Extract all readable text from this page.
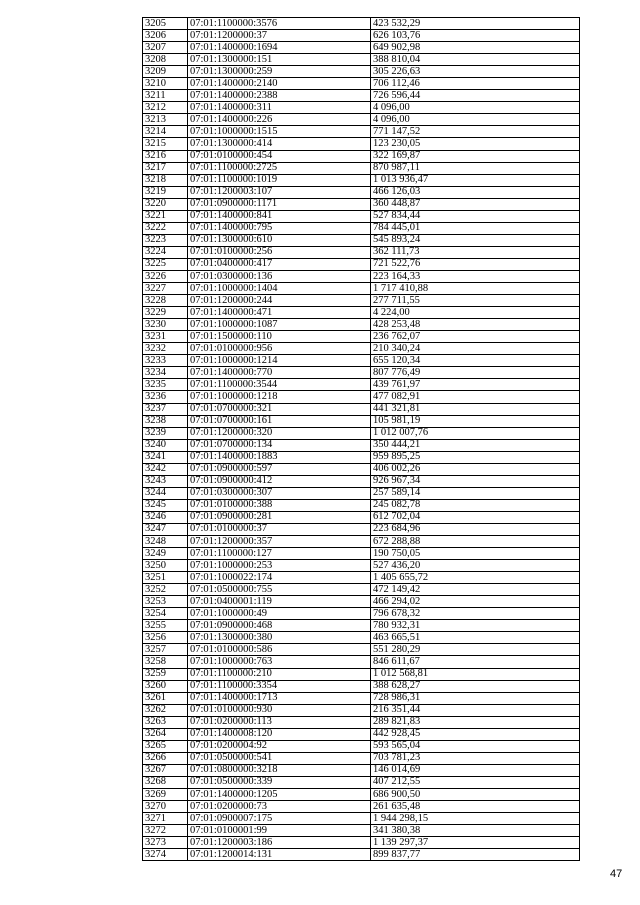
3205	07:01:1100000:3576	423 532,29
3206	07:01:1200000:37	626 103,76
3207	07:01:1400000:1694	649 902,98
3208	07:01:1300000:151	388 810,04
3209	07:01:1300000:259	305 226,63
3210	07:01:1400000:2140	706 112,46
3211	07:01:1400000:2388	726 596,44
3212	07:01:1400000:311	4 096,00
3213	07:01:1400000:226	4 096,00
3214	07:01:1000000:1515	771 147,52
3215	07:01:1300000:414	123 230,05
3216	07:01:0100000:454	322 169,87
3217	07:01:1100000:2725	870 987,11
3218	07:01:1100000:1019	1 013 936,47
3219	07:01:1200003:107	466 126,03
3220	07:01:0900000:1171	360 448,87
3221	07:01:1400000:841	527 834,44
3222	07:01:1400000:795	784 445,01
3223	07:01:1300000:610	545 893,24
3224	07:01:0100000:256	362 111,73
3225	07:01:0400000:417	721 522,76
3226	07:01:0300000:136	223 164,33
3227	07:01:1000000:1404	1 717 410,88
3228	07:01:1200000:244	277 711,55
3229	07:01:1400000:471	4 224,00
3230	07:01:1000000:1087	428 253,48
3231	07:01:1500000:110	236 762,07
3232	07:01:0100000:956	210 340,24
3233	07:01:1000000:1214	655 120,34
3234	07:01:1400000:770	807 776,49
3235	07:01:1100000:3544	439 761,97
3236	07:01:1000000:1218	477 082,91
3237	07:01:0700000:321	441 321,81
3238	07:01:0700000:161	105 981,19
3239	07:01:1200000:320	1 012 007,76
3240	07:01:0700000:134	350 444,21
3241	07:01:1400000:1883	959 895,25
3242	07:01:0900000:597	406 002,26
3243	07:01:0900000:412	926 967,34
3244	07:01:0300000:307	257 589,14
3245	07:01:0100000:388	245 082,78
3246	07:01:0900000:281	612 702,04
3247	07:01:0100000:37	223 684,96
3248	07:01:1200000:357	672 288,88
3249	07:01:1100000:127	190 750,05
3250	07:01:1000000:253	527 436,20
3251	07:01:1000022:174	1 405 655,72
3252	07:01:0500000:755	472 149,42
3253	07:01:0400001:119	466 294,02
3254	07:01:1000000:49	796 678,32
3255	07:01:0900000:468	780 932,31
3256	07:01:1300000:380	463 665,51
3257	07:01:0100000:586	551 280,29
3258	07:01:1000000:763	846 611,67
3259	07:01:1100000:210	1 012 568,81
3260	07:01:1100000:3354	388 628,27
3261	07:01:1400000:1713	728 986,31
3262	07:01:0100000:930	216 351,44
3263	07:01:0200000:113	289 821,83
3264	07:01:1400008:120	442 928,45
3265	07:01:0200004:92	593 565,04
3266	07:01:0500000:541	703 781,23
3267	07:01:0800000:3218	146 014,69
3268	07:01:0500000:339	407 212,55
3269	07:01:1400000:1205	686 900,50
3270	07:01:0200000:73	261 635,48
3271	07:01:0900007:175	1 944 298,15
3272	07:01:0100001:99	341 380,38
3273	07:01:1200003:186	1 139 297,37
3274	07:01:1200014:131	899 837,77
47
